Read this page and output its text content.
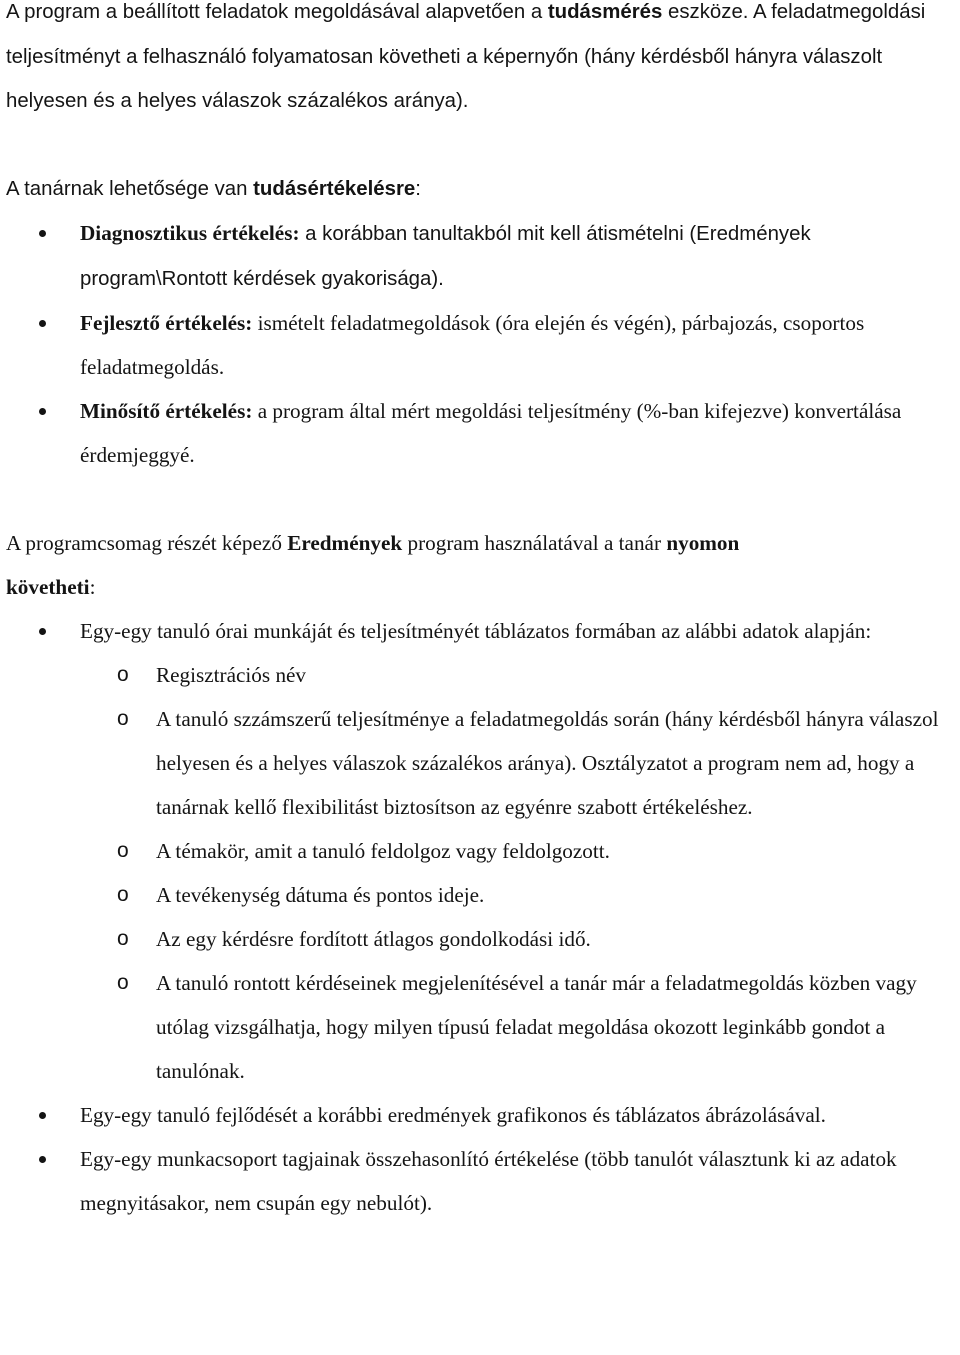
A program a beállított feladatok megoldásával alapvetően a tudásmérés eszköze. A feladatmegoldási teljesítményt a felhasználó folyamatosan követheti a képernyőn (hány kérdésből hányra válaszolt helyesen és a helyes válaszok százalékos aránya).

A tanárnak lehetősége van tudásértékelésre:

Diagnosztikus értékelés: a korábban tanultakból mit kell átismételni (Eredmények program\Rontott kérdések gyakorisága).
Fejlesztő értékelés: ismételt feladatmegoldások (óra elején és végén), párbajozás, csoportos feladatmegoldás.
Minősítő értékelés: a program által mért megoldási teljesítmény (%-ban kifejezve) konvertálása érdemjeggyé.

A programcsomag részét képező Eredmények program használatával a tanár nyomon
követheti:

Egy-egy tanuló órai munkáját és teljesítményét táblázatos formában az alábbi adatok alapján:
o Regisztrációs név
o A tanuló szzámszerű teljesítménye a feladatmegoldás során (hány kérdésből hányra válaszol helyesen és a helyes válaszok százalékos aránya). Osztályzatot a program nem ad, hogy a tanárnak kellő flexibilitást biztosítson az egyénre szabott értékeléshez.
o A témakör, amit a tanuló feldolgoz vagy feldolgozott.
o A tevékenység dátuma és pontos ideje.
o Az egy kérdésre fordított átlagos gondolkodási idő.
o A tanuló rontott kérdéseinek megjelenítésével a tanár már a feladatmegoldás közben vagy utólag vizsgálhatja, hogy milyen típusú feladat megoldása okozott leginkább gondot a tanulónak.
Egy-egy tanuló fejlődését a korábbi eredmények grafikonos és táblázatos ábrázolásával.
Egy-egy munkacsoport tagjainak összehasonlító értékelése (több tanulót választunk ki az adatok megnyitásakor, nem csupán egy nebulót).
